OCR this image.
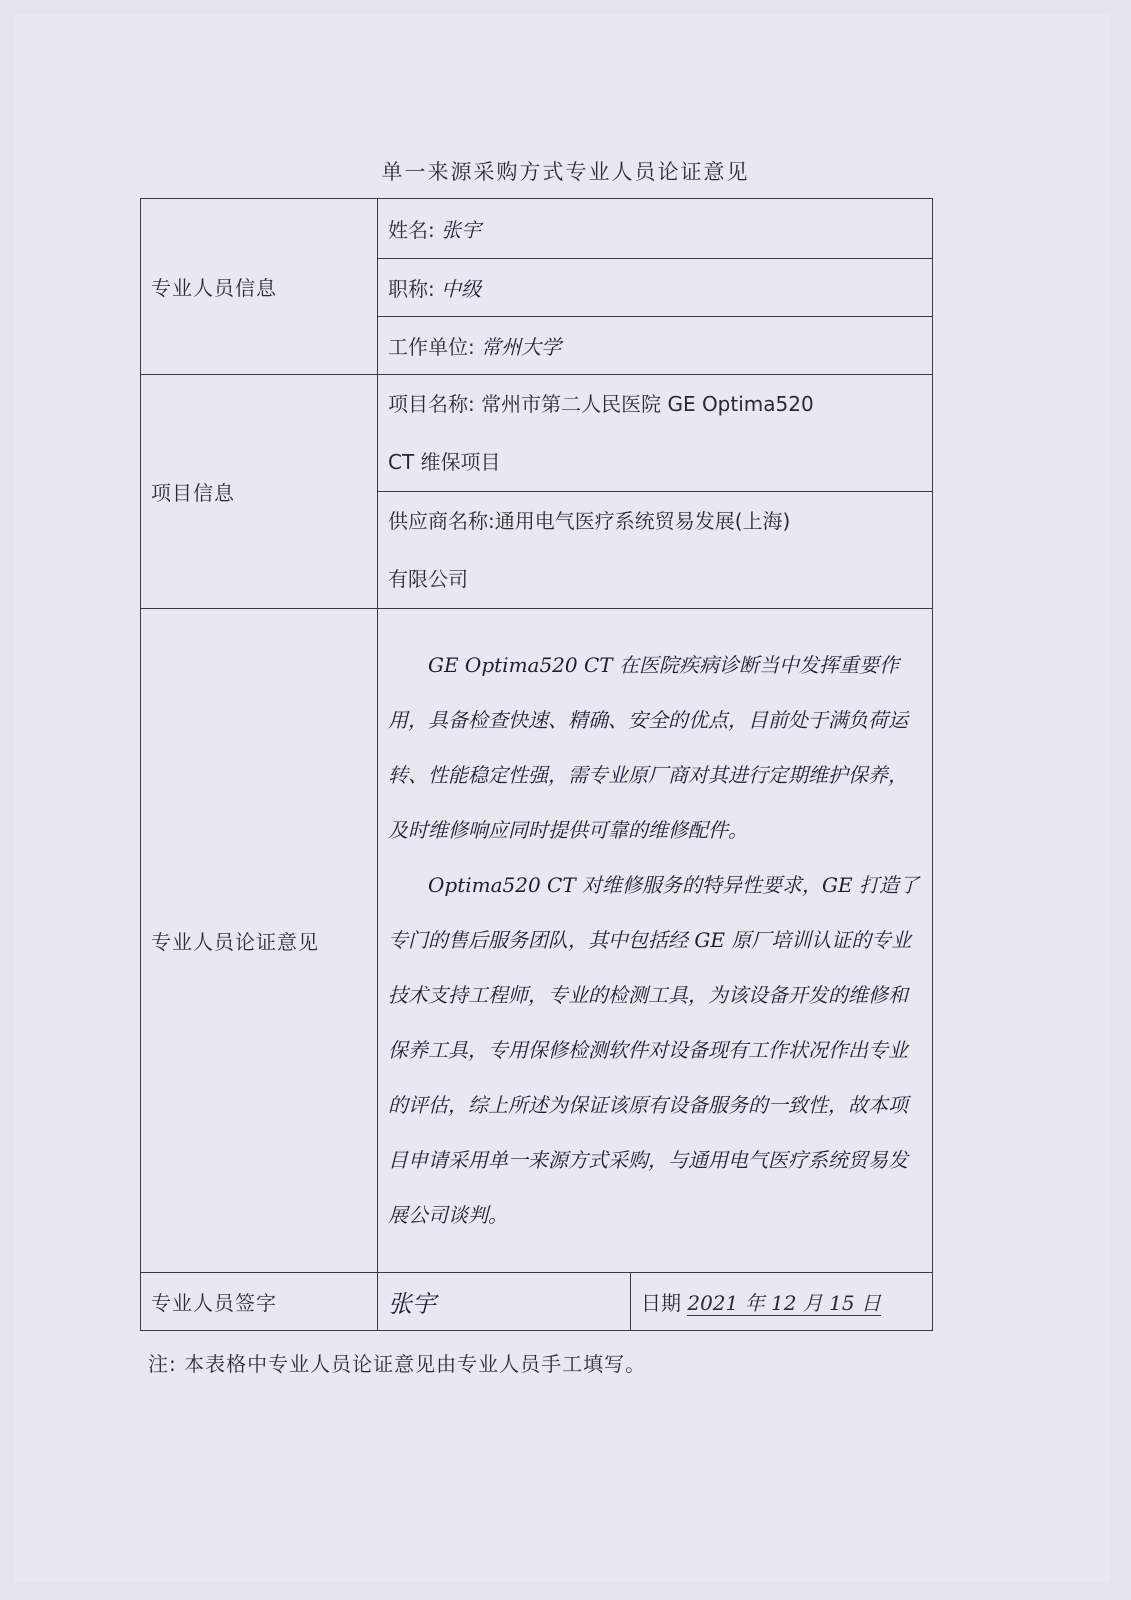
单一来源采购方式专业人员论证意见
专业人员信息	姓名: 张宇	
	职称: 中级	
	工作单位: 常州大学	
项目信息	项目名称: 常州市第二人民医院 GE Optima520
CT 维保项目	

	供应商名称:通用电气医疗系统贸易发展(上海)
有限公司	

专业人员论证意见	GE Optima520 CT 在医院疾病诊断当中发挥重要作用，具备检查快速、精确、安全的优点，目前处于满负荷运转、性能稳定性强，需专业原厂商对其进行定期维护保养，及时维修响应同时提供可靠的维修配件。

Optima520 CT 对维修服务的特异性要求，GE 打造了专门的售后服务团队，其中包括经 GE 原厂培训认证的专业技术支持工程师，专业的检测工具，为该设备开发的维修和保养工具，专用保修检测软件对设备现有工作状况作出专业的评估，综上所述为保证该原有设备服务的一致性，故本项目申请采用单一来源方式采购，与通用电气医疗系统贸易发展公司谈判。	

专业人员签字	张宇	日期 2021 年 12 月 15 日
注: 本表格中专业人员论证意见由专业人员手工填写。
